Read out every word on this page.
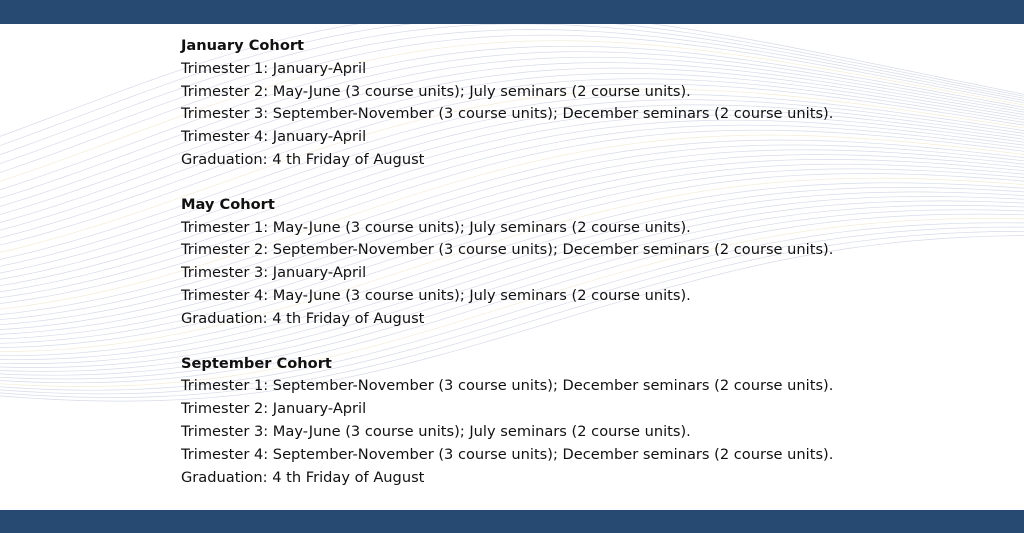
January Cohort
Trimester 1: January-April
Trimester 2: May-June (3 course units); July seminars (2 course units).
Trimester 3: September-November (3 course units); December seminars (2 course units).
Trimester 4: January-April
Graduation: 4 th Friday of August
May Cohort
Trimester 1: May-June (3 course units); July seminars (2 course units).
Trimester 2: September-November (3 course units); December seminars (2 course units).
Trimester 3: January-April
Trimester 4: May-June (3 course units); July seminars (2 course units).
Graduation: 4 th Friday of August
September Cohort
Trimester 1: September-November (3 course units); December seminars (2 course units).
Trimester 2: January-April
Trimester 3: May-June (3 course units); July seminars (2 course units).
Trimester 4: September-November (3 course units); December seminars (2 course units).
Graduation: 4 th Friday of August
